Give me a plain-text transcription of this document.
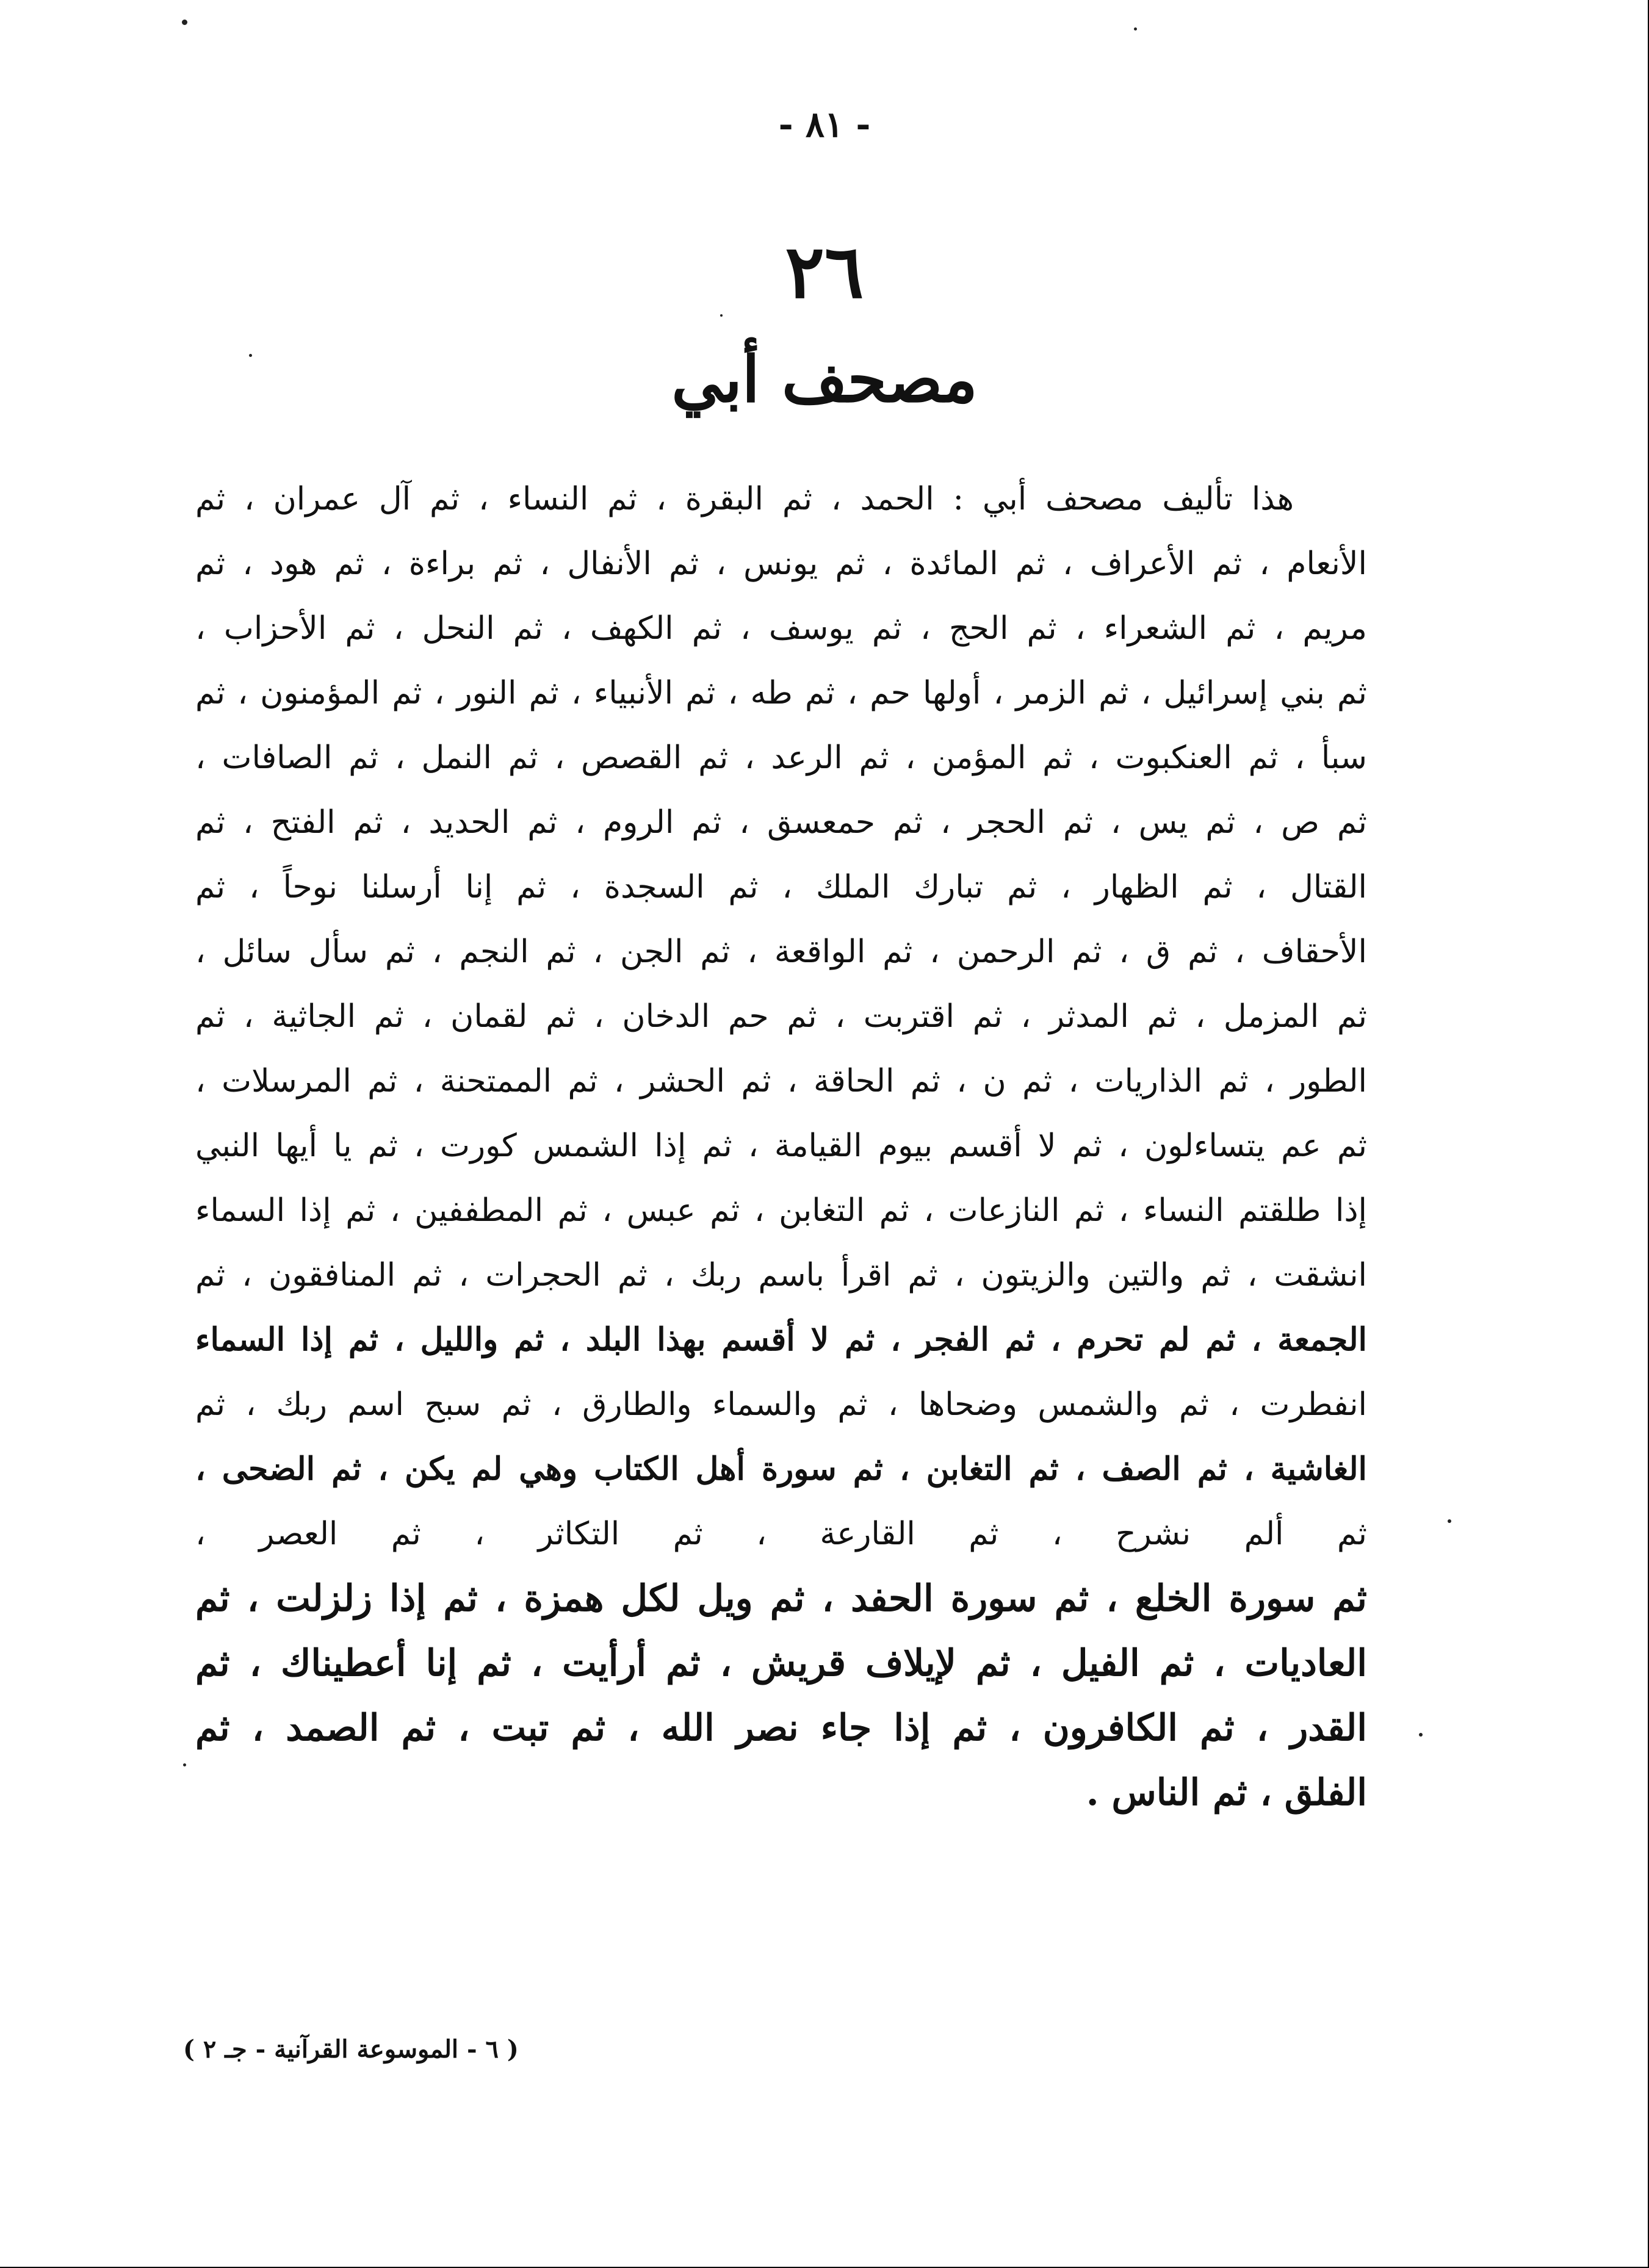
- ٨١ -
٢٦
مصحف أبي
هذا تأليف مصحف أبي : الحمد ، ثم البقرة ، ثم النساء ، ثم آل عمران ، ثم
الأنعام ، ثم الأعراف ، ثم المائدة ، ثم يونس ، ثم الأنفال ، ثم براءة ، ثم هود ، ثم
مريم ، ثم الشعراء ، ثم الحج ، ثم يوسف ، ثم الكهف ، ثم النحل ، ثم الأحزاب ،
ثم بني إسرائيل ، ثم الزمر ، أولها حم ، ثم طه ، ثم الأنبياء ، ثم النور ، ثم المؤمنون ، ثم
سبأ ، ثم العنكبوت ، ثم المؤمن ، ثم الرعد ، ثم القصص ، ثم النمل ، ثم الصافات ،
ثم ص ، ثم يس ، ثم الحجر ، ثم حمعسق ، ثم الروم ، ثم الحديد ، ثم الفتح ، ثم
القتال ، ثم الظهار ، ثم تبارك الملك ، ثم السجدة ، ثم إنا أرسلنا نوحاً ، ثم
الأحقاف ، ثم ق ، ثم الرحمن ، ثم الواقعة ، ثم الجن ، ثم النجم ، ثم سأل سائل ،
ثم المزمل ، ثم المدثر ، ثم اقتربت ، ثم حم الدخان ، ثم لقمان ، ثم الجاثية ، ثم
الطور ، ثم الذاريات ، ثم ن ، ثم الحاقة ، ثم الحشر ، ثم الممتحنة ، ثم المرسلات ،
ثم عم يتساءلون ، ثم لا أقسم بيوم القيامة ، ثم إذا الشمس كورت ، ثم يا أيها النبي
إذا طلقتم النساء ، ثم النازعات ، ثم التغابن ، ثم عبس ، ثم المطففين ، ثم إذا السماء
انشقت ، ثم والتين والزيتون ، ثم اقرأ باسم ربك ، ثم الحجرات ، ثم المنافقون ، ثم
الجمعة ، ثم لم تحرم ، ثم الفجر ، ثم لا أقسم بهذا البلد ، ثم والليل ، ثم إذا السماء
انفطرت ، ثم والشمس وضحاها ، ثم والسماء والطارق ، ثم سبح اسم ربك ، ثم
الغاشية ، ثم الصف ، ثم التغابن ، ثم سورة أهل الكتاب وهي لم يكن ، ثم الضحى ،
ثم ألم نشرح ، ثم القارعة ، ثم التكاثر ، ثم العصر ،
ثم سورة الخلع ، ثم سورة الحفد ، ثم ويل لكل همزة ، ثم إذا زلزلت ، ثم
العاديات ، ثم الفيل ، ثم لإيلاف قريش ، ثم أرأيت ، ثم إنا أعطيناك ، ثم
القدر ، ثم الكافرون ، ثم إذا جاء نصر الله ، ثم تبت ، ثم الصمد ، ثم
الفلق ، ثم الناس .
( ٦ - الموسوعة القرآنية - جـ ٢ )
